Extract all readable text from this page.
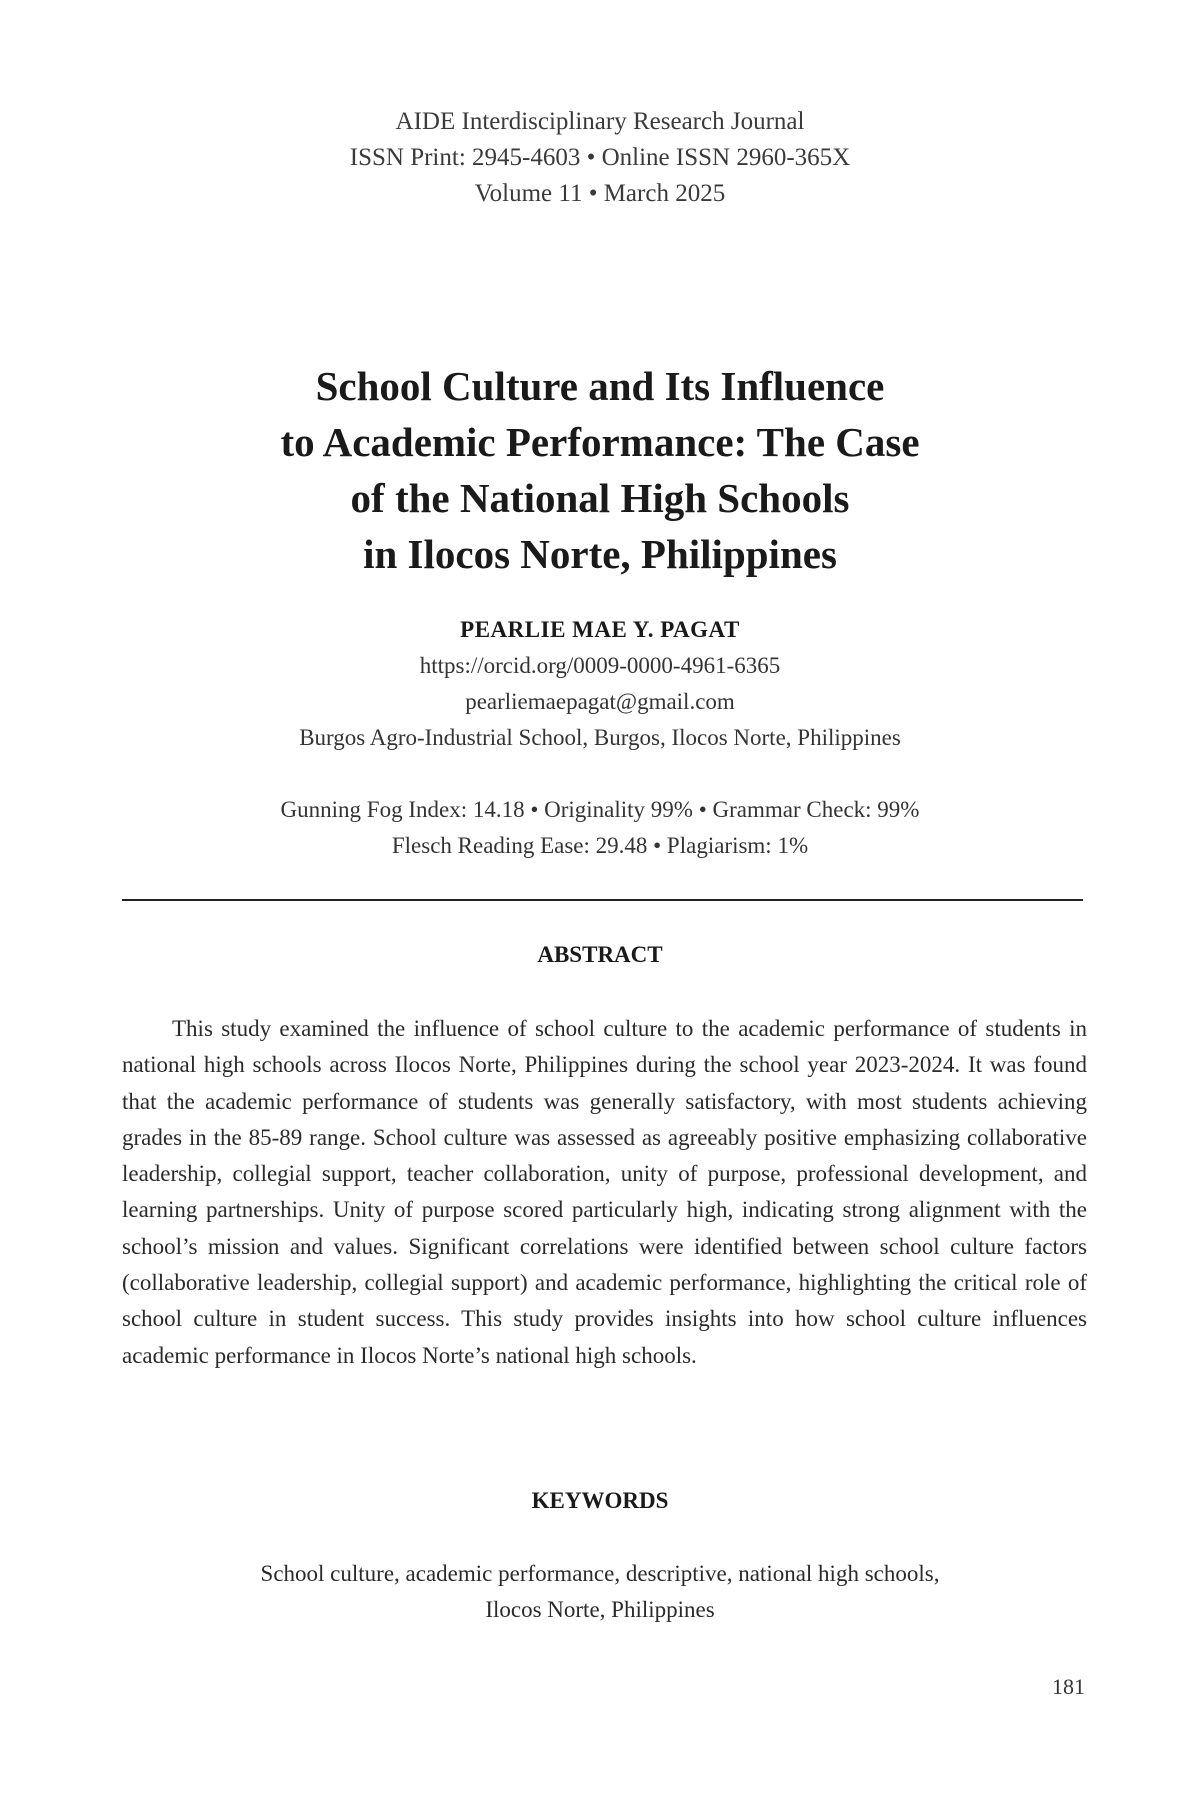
AIDE Interdisciplinary Research Journal
ISSN Print: 2945-4603 • Online ISSN 2960-365X
Volume 11 • March 2025
School Culture and Its Influence
to Academic Performance: The Case
of the National High Schools
in Ilocos Norte, Philippines
PEARLIE MAE Y. PAGAT
https://orcid.org/0009-0000-4961-6365
pearliemaepagat@gmail.com
Burgos Agro-Industrial School, Burgos, Ilocos Norte, Philippines
Gunning Fog Index: 14.18 • Originality 99% • Grammar Check: 99%
Flesch Reading Ease: 29.48 • Plagiarism: 1%
ABSTRACT

This study examined the influence of school culture to the academic performance of students in national high schools across Ilocos Norte, Philippines during the school year 2023-2024. It was found that the academic performance of students was generally satisfactory, with most students achieving grades in the 85-89 range. School culture was assessed as agreeably positive emphasizing collaborative leadership, collegial support, teacher collaboration, unity of purpose, professional development, and learning partnerships. Unity of purpose scored particularly high, indicating strong alignment with the school’s mission and values. Significant correlations were identified between school culture factors (collaborative leadership, collegial support) and academic performance, highlighting the critical role of school culture in student success. This study provides insights into how school culture influences academic performance in Ilocos Norte’s national high schools.

KEYWORDS

School culture, academic performance, descriptive, national high schools,
Ilocos Norte, Philippines

181
